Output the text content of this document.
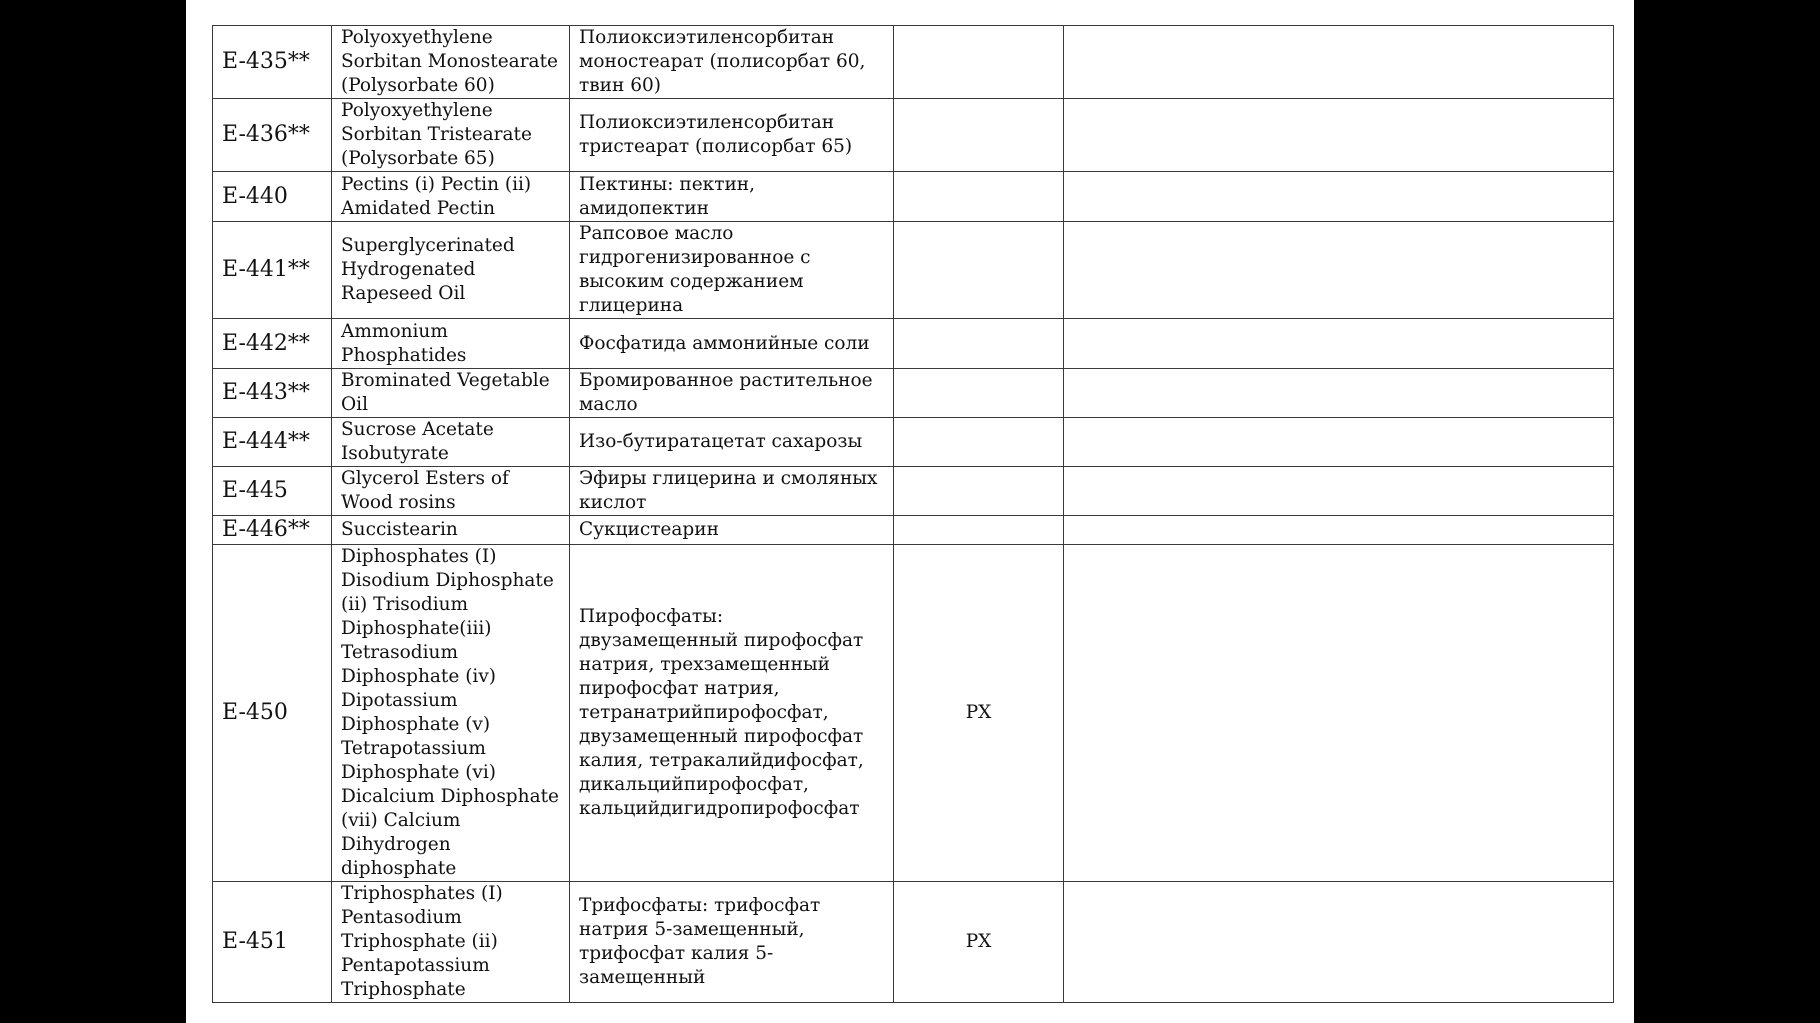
E-435**	Polyoxyethylene Sorbitan Monostearate (Polysorbate 60)	Полиоксиэтиленсорбитан моностеарат (полисорбат 60, твин 60)		
E-436**	Polyoxyethylene Sorbitan Tristearate (Polysorbate 65)	Полиоксиэтиленсорбитан тристеарат (полисорбат 65)		
E-440	Pectins (i) Pectin (ii) Amidated Pectin	Пектины: пектин, амидопектин		
E-441**	Superglycerinated Hydrogenated Rapeseed Oil	Рапсовое масло гидрогенизированное с высоким содержанием глицерина		
E-442**	Ammonium Phosphatides	Фосфатида аммонийные соли		
E-443**	Brominated Vegetable Oil	Бромированное растительное масло		
E-444**	Sucrose Acetate Isobutyrate	Изо-бутиратацетат сахарозы		
E-445	Glycerol Esters of Wood rosins	Эфиры глицерина и смоляных кислот		
E-446**	Succistearin	Сукцистеарин		
E-450	Diphosphates (I) Disodium Diphosphate (ii) Trisodium Diphosphate(iii) Tetrasodium Diphosphate (iv) Dipotassium Diphosphate (v) Tetrapotassium Diphosphate (vi) Dicalcium Diphosphate (vii) Calcium Dihydrogen diphosphate	Пирофосфаты: двузамещенный пирофосфат натрия, трехзамещенный пирофосфат натрия, тетранатрийпирофосфат, двузамещенный пирофосфат калия, тетракалийдифосфат, дикальцийпирофосфат, кальцийдигидропирофосфат	РХ	
E-451	Triphosphates (I) Pentasodium Triphosphate (ii) Pentapotassium Triphosphate	Трифосфаты: трифосфат натрия 5-замещенный, трифосфат калия 5-замещенный	РХ	
